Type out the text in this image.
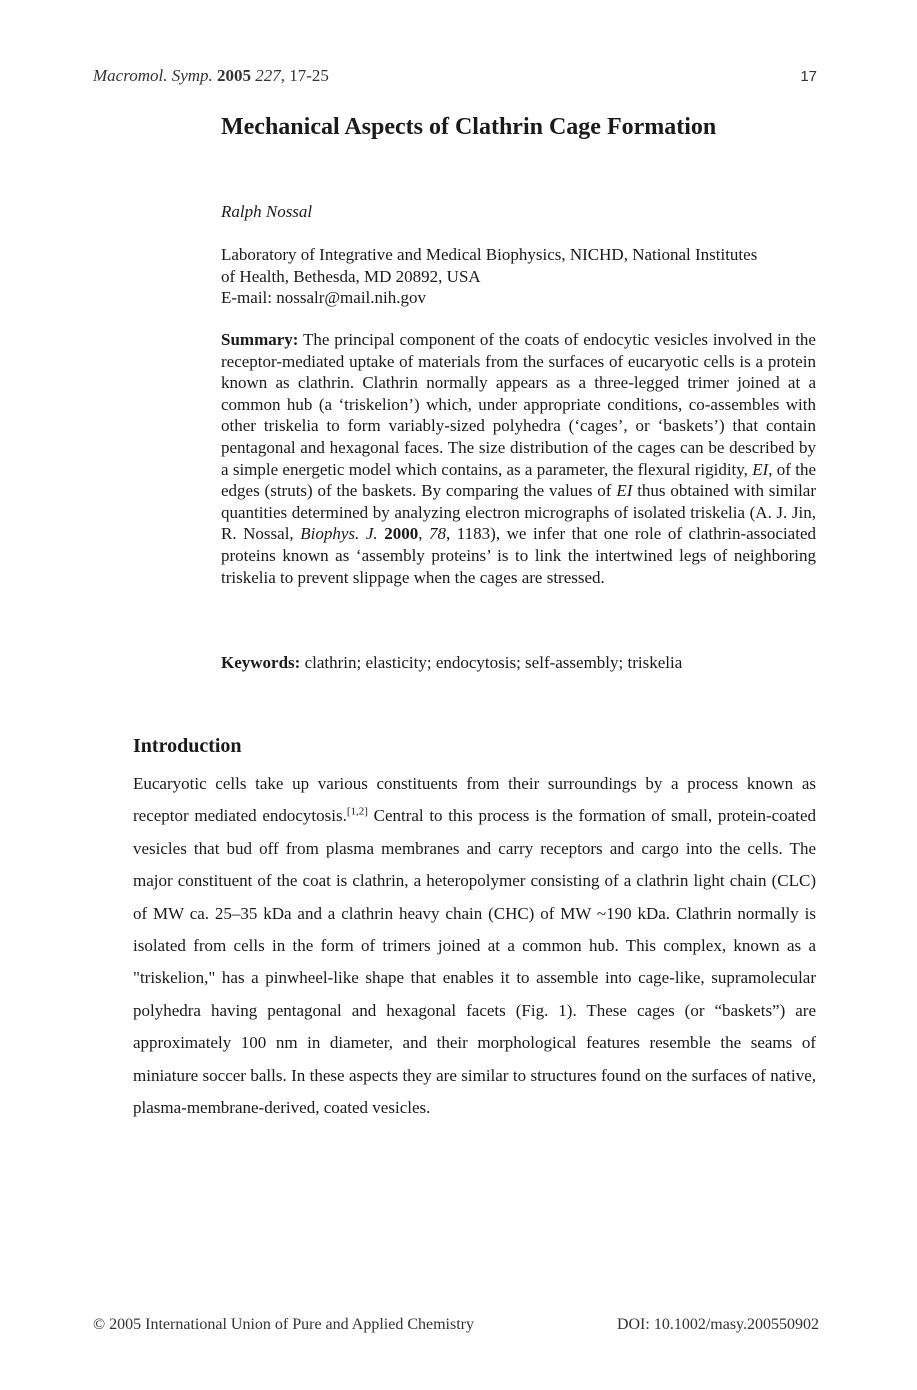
Macromol. Symp. 2005 227, 17-25	17
Mechanical Aspects of Clathrin Cage Formation
Ralph Nossal
Laboratory of Integrative and Medical Biophysics, NICHD, National Institutes
of Health, Bethesda, MD 20892, USA
E-mail: nossalr@mail.nih.gov

Summary: The principal component of the coats of endocytic vesicles involved in the receptor-mediated uptake of materials from the surfaces of eucaryotic cells is a protein known as clathrin. Clathrin normally appears as a three-legged trimer joined at a common hub (a ‘triskelion’) which, under appropriate conditions, co-assembles with other triskelia to form variably-sized polyhedra (‘cages’, or ‘baskets’) that contain pentagonal and hexagonal faces. The size distribution of the cages can be described by a simple energetic model which contains, as a parameter, the flexural rigidity, EI, of the edges (struts) of the baskets. By comparing the values of EI thus obtained with similar quantities determined by analyzing electron micrographs of isolated triskelia (A. J. Jin, R. Nossal, Biophys. J. 2000, 78, 1183), we infer that one role of clathrin-associated proteins known as ‘assembly proteins’ is to link the intertwined legs of neighboring triskelia to prevent slippage when the cages are stressed.

Keywords: clathrin; elasticity; endocytosis; self-assembly; triskelia
Introduction

Eucaryotic cells take up various constituents from their surroundings by a process known as receptor mediated endocytosis.[1,2] Central to this process is the formation of small, protein-coated vesicles that bud off from plasma membranes and carry receptors and cargo into the cells. The major constituent of the coat is clathrin, a heteropolymer consisting of a clathrin light chain (CLC) of MW ca. 25–35 kDa and a clathrin heavy chain (CHC) of MW ~190 kDa. Clathrin normally is isolated from cells in the form of trimers joined at a common hub. This complex, known as a "triskelion," has a pinwheel-like shape that enables it to assemble into cage-like, supramolecular polyhedra having pentagonal and hexagonal facets (Fig. 1). These cages (or “baskets”) are approximately 100 nm in diameter, and their morphological features resemble the seams of miniature soccer balls. In these aspects they are similar to structures found on the surfaces of native, plasma-membrane-derived, coated vesicles.

© 2005 International Union of Pure and Applied Chemistry	DOI: 10.1002/masy.200550902
